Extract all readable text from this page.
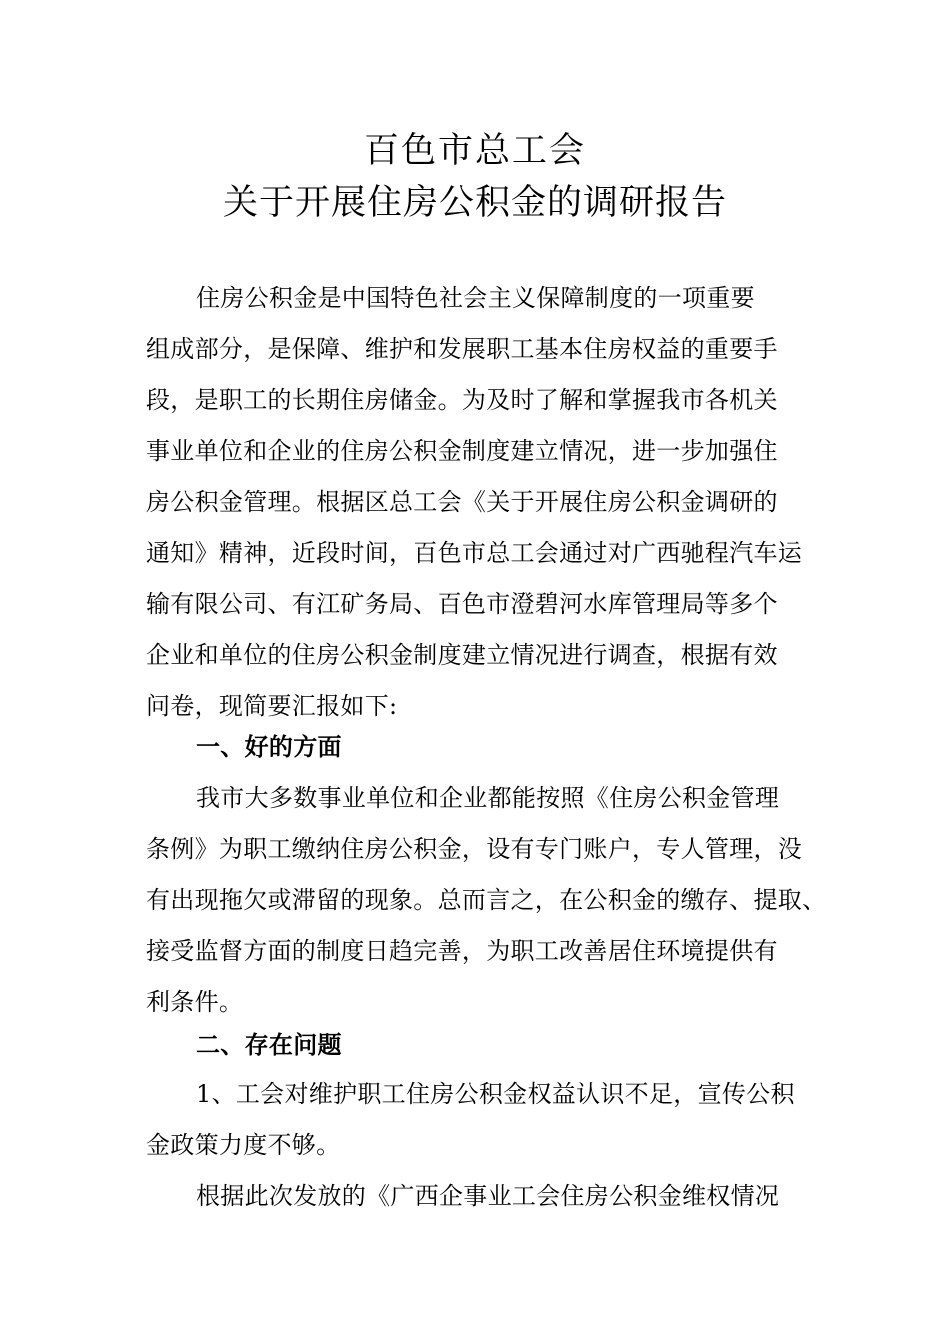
百色市总工会
关于开展住房公积金的调研报告
住房公积金是中国特色社会主义保障制度的一项重要
组成部分，是保障、维护和发展职工基本住房权益的重要手
段，是职工的长期住房储金。为及时了解和掌握我市各机关
事业单位和企业的住房公积金制度建立情况，进一步加强住
房公积金管理。根据区总工会《关于开展住房公积金调研的
通知》精神，近段时间，百色市总工会通过对广西驰程汽车运
输有限公司、有江矿务局、百色市澄碧河水库管理局等多个
企业和单位的住房公积金制度建立情况进行调查，根据有效
问卷，现简要汇报如下:
一、好的方面
我市大多数事业单位和企业都能按照《住房公积金管理
条例》为职工缴纳住房公积金，设有专门账户，专人管理，没
有出现拖欠或滞留的现象。总而言之，在公积金的缴存、提取、
接受监督方面的制度日趋完善，为职工改善居住环境提供有
利条件。
二、存在问题
1、工会对维护职工住房公积金权益认识不足，宣传公积
金政策力度不够。
根据此次发放的《广西企事业工会住房公积金维权情况
